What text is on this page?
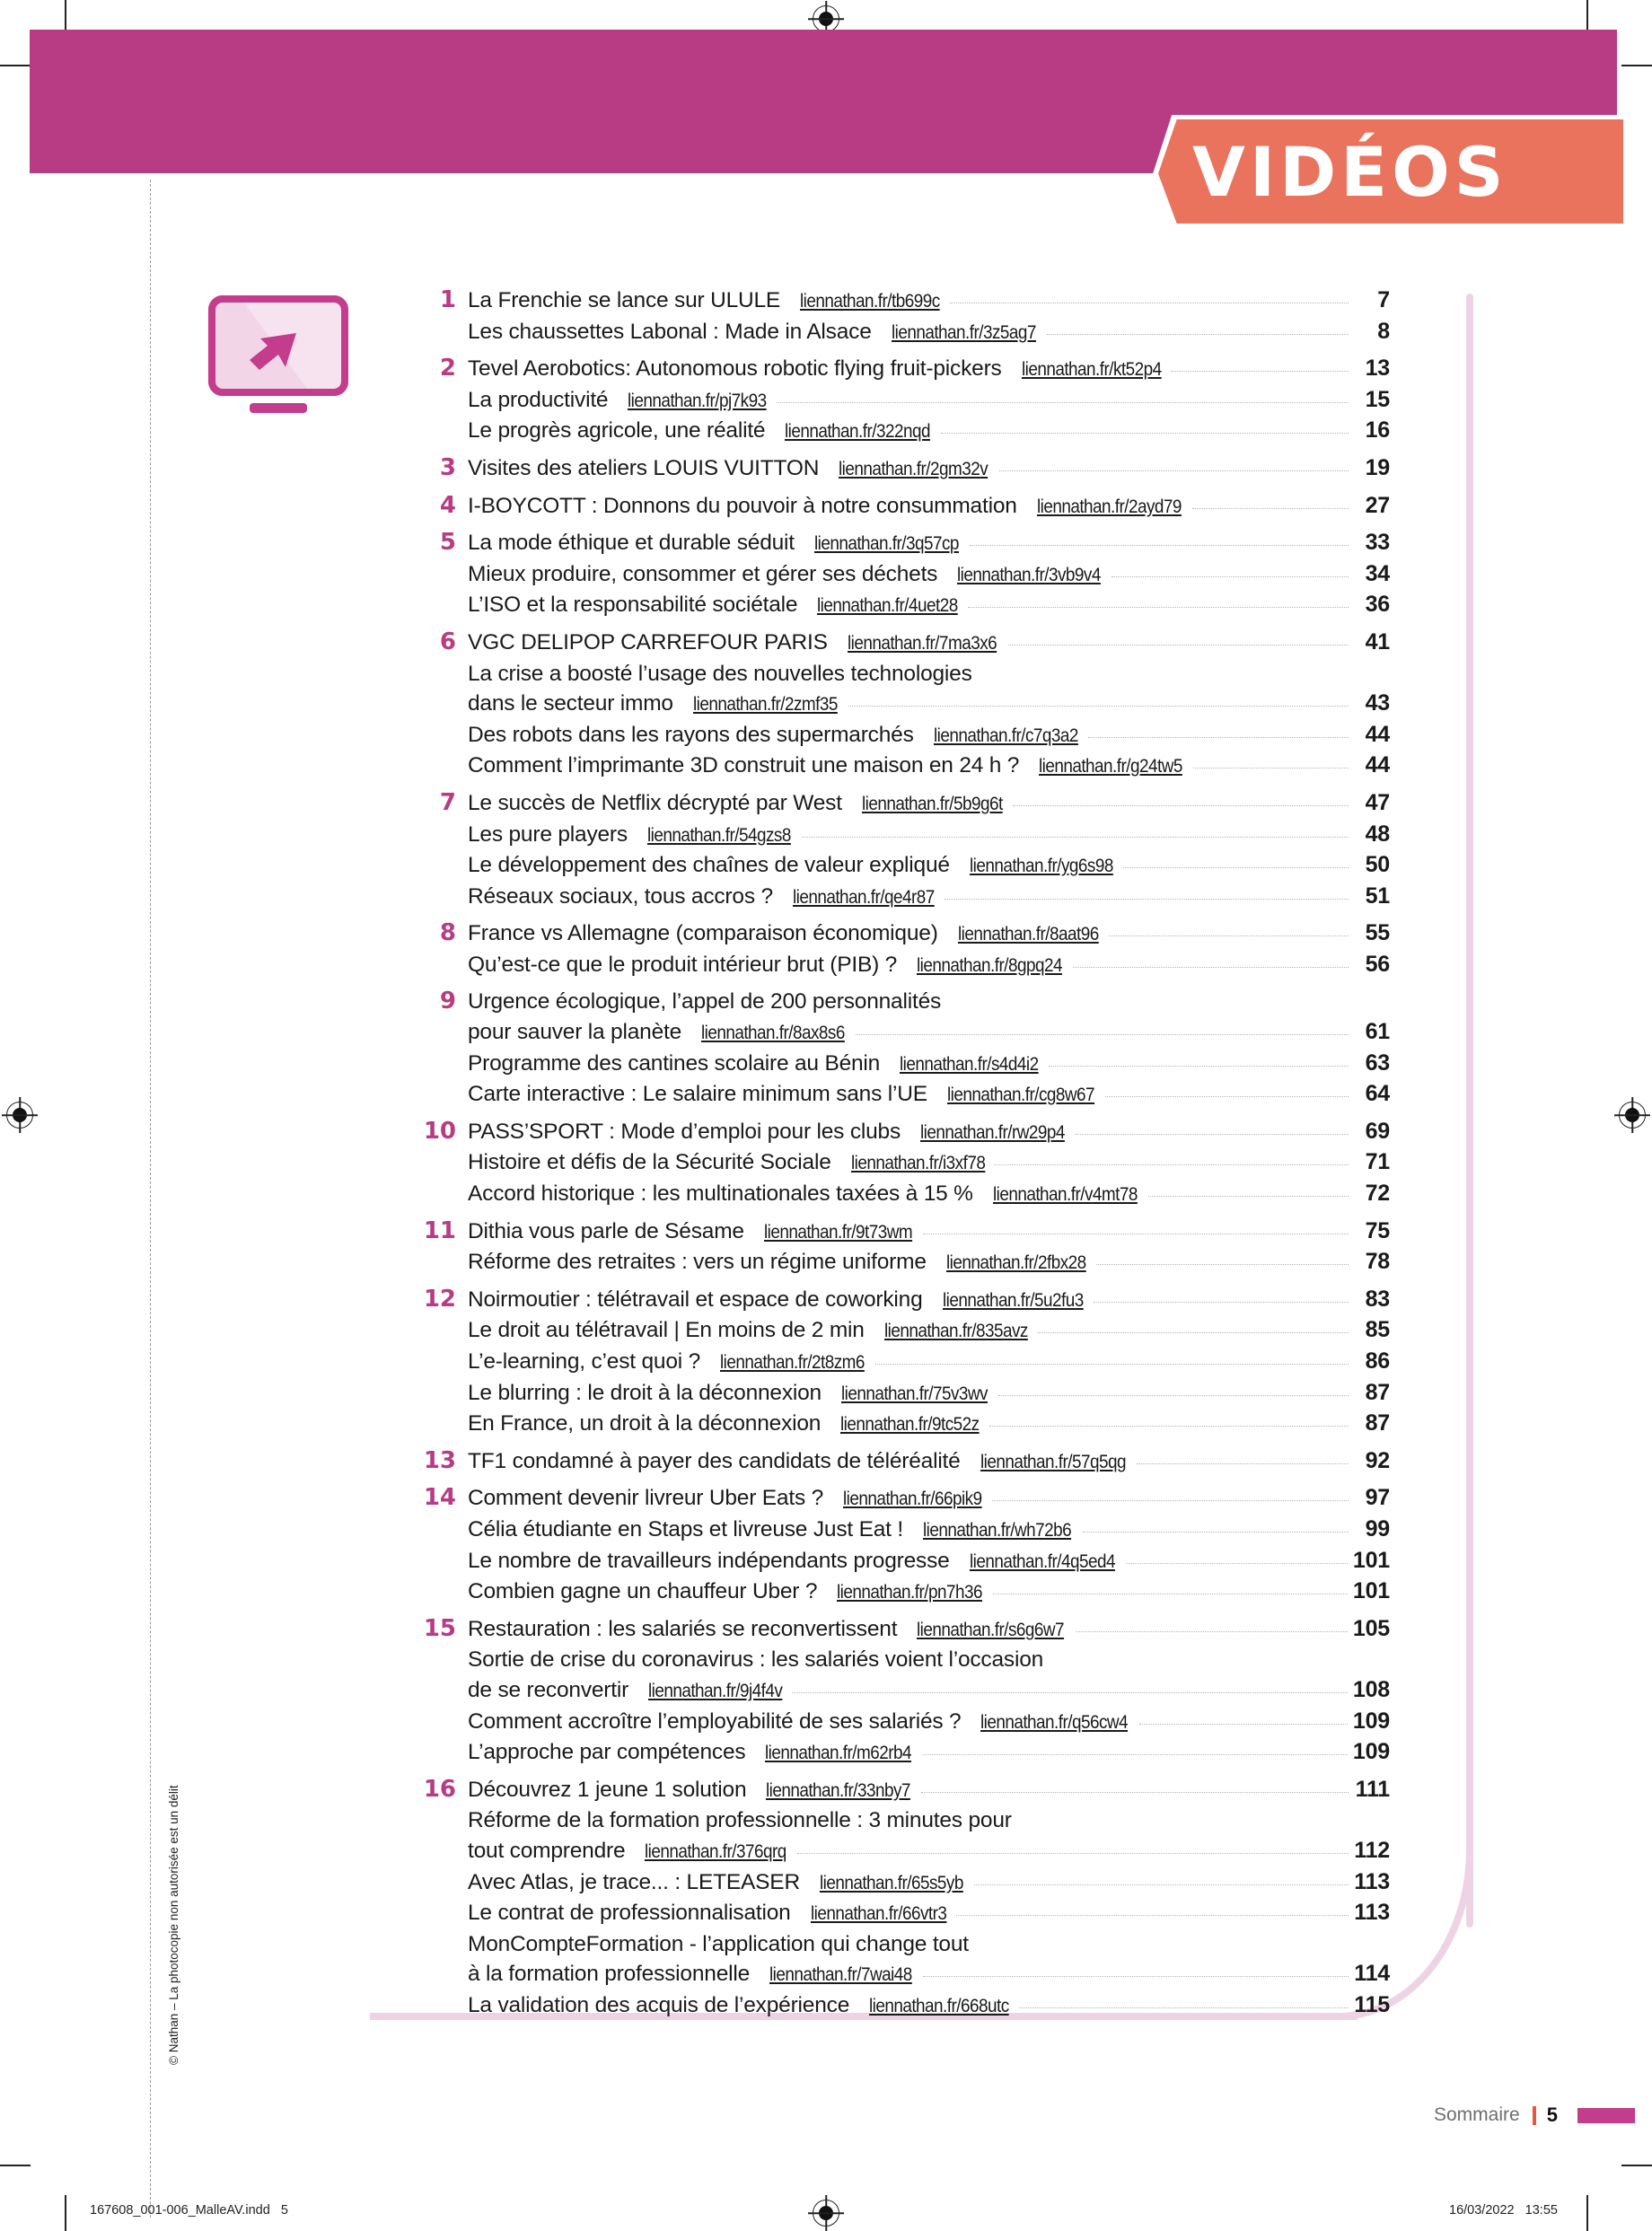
VIDÉOS
1 La Frenchie se lance sur ULULE liennathan.fr/tb699c	7
Les chaussettes Labonal : Made in Alsace liennathan.fr/3z5ag7	8
2 Tevel Aerobotics: Autonomous robotic flying fruit-pickers liennathan.fr/kt52p4	13
La productivité liennathan.fr/pj7k93	15
Le progrès agricole, une réalité liennathan.fr/322nqd	16
3 Visites des ateliers LOUIS VUITTON liennathan.fr/2gm32v	19
4 I-BOYCOTT : Donnons du pouvoir à notre consummation liennathan.fr/2ayd79	27
5 La mode éthique et durable séduit liennathan.fr/3q57cp	33
Mieux produire, consommer et gérer ses déchets liennathan.fr/3vb9v4	34
L’ISO et la responsabilité sociétale liennathan.fr/4uet28	36
6 VGC DELIPOP CARREFOUR PARIS liennathan.fr/7ma3x6	41
La crise a boosté l’usage des nouvelles technologies
dans le secteur immo liennathan.fr/2zmf35	43
Des robots dans les rayons des supermarchés liennathan.fr/c7q3a2	44
Comment l’imprimante 3D construit une maison en 24 h ? liennathan.fr/g24tw5	44
7 Le succès de Netflix décrypté par West liennathan.fr/5b9g6t	47
Les pure players liennathan.fr/54gzs8	48
Le développement des chaînes de valeur expliqué liennathan.fr/yg6s98	50
Réseaux sociaux, tous accros ? liennathan.fr/qe4r87	51
8 France vs Allemagne (comparaison économique) liennathan.fr/8aat96	55
Qu’est-ce que le produit intérieur brut (PIB) ? liennathan.fr/8gpq24	56
9 Urgence écologique, l’appel de 200 personnalités
pour sauver la planète liennathan.fr/8ax8s6	61
Programme des cantines scolaire au Bénin liennathan.fr/s4d4i2	63
Carte interactive : Le salaire minimum sans l’UE liennathan.fr/cg8w67	64
10 PASS’SPORT : Mode d’emploi pour les clubs liennathan.fr/rw29p4	69
Histoire et défis de la Sécurité Sociale liennathan.fr/i3xf78	71
Accord historique : les multinationales taxées à 15 % liennathan.fr/v4mt78	72
11 Dithia vous parle de Sésame liennathan.fr/9t73wm	75
Réforme des retraites : vers un régime uniforme liennathan.fr/2fbx28	78
12 Noirmoutier : télétravail et espace de coworking liennathan.fr/5u2fu3	83
Le droit au télétravail | En moins de 2 min liennathan.fr/835avz	85
L’e-learning, c’est quoi ? liennathan.fr/2t8zm6	86
Le blurring : le droit à la déconnexion liennathan.fr/75v3wv	87
En France, un droit à la déconnexion liennathan.fr/9tc52z	87
13 TF1 condamné à payer des candidats de téléréalité liennathan.fr/57q5qg	92
14 Comment devenir livreur Uber Eats ? liennathan.fr/66pik9	97
Célia étudiante en Staps et livreuse Just Eat ! liennathan.fr/wh72b6	99
Le nombre de travailleurs indépendants progresse liennathan.fr/4q5ed4	101
Combien gagne un chauffeur Uber ? liennathan.fr/pn7h36	101
15 Restauration : les salariés se reconvertissent liennathan.fr/s6g6w7	105
Sortie de crise du coronavirus : les salariés voient l’occasion
de se reconvertir liennathan.fr/9j4f4v	108
Comment accroître l’employabilité de ses salariés ? liennathan.fr/q56cw4	109
L’approche par compétences liennathan.fr/m62rb4	109
16 Découvrez 1 jeune 1 solution liennathan.fr/33nby7	111
Réforme de la formation professionnelle : 3 minutes pour
tout comprendre liennathan.fr/376qrq	112
Avec Atlas, je trace... : LETEASER liennathan.fr/65s5yb	113
Le contrat de professionnalisation liennathan.fr/66vtr3	113
MonCompteFormation - l’application qui change tout
à la formation professionnelle liennathan.fr/7wai48	114
La validation des acquis de l’expérience liennathan.fr/668utc	115
Sommaire 5
© Nathan – La photocopie non autorisée est un délit
167608_001-006_MalleAV.indd   5	16/03/2022   13:55
